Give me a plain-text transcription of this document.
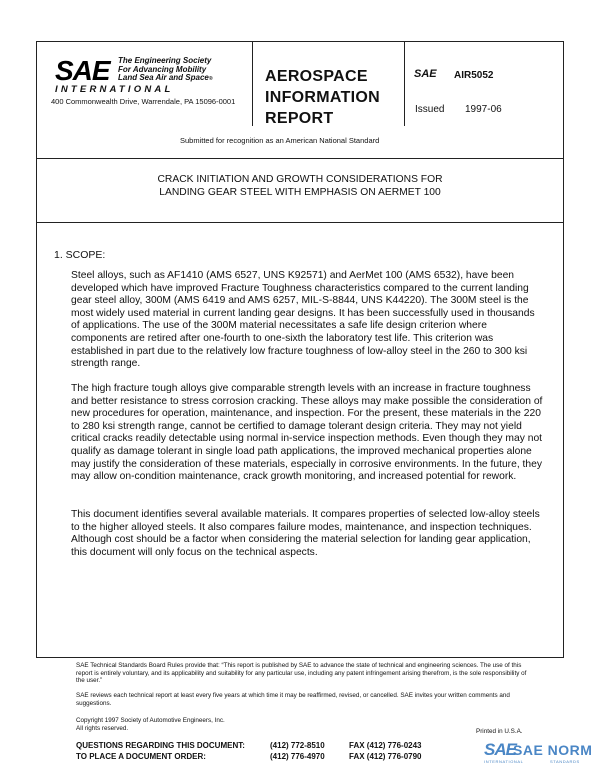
SAE The Engineering Society
For Advancing Mobility
Land Sea Air and Space®
INTERNATIONAL
400 Commonwealth Drive, Warrendale, PA 15096-0001
AEROSPACE
INFORMATION
REPORT
SAE AIR5052
Issued 1997-06
Submitted for recognition as an American National Standard
CRACK INITIATION AND GROWTH CONSIDERATIONS FOR
LANDING GEAR STEEL WITH EMPHASIS ON AERMET 100
1. SCOPE:

Steel alloys, such as AF1410 (AMS 6527, UNS K92571) and AerMet 100 (AMS 6532), have been developed which have improved Fracture Toughness characteristics compared to the current landing gear steel alloy, 300M (AMS 6419 and AMS 6257, MIL-S-8844, UNS K44220). The 300M steel is the most widely used material in current landing gear designs. It has been successfully used in thousands of applications. The use of the 300M material necessitates a safe life design criterion where components are retired after one-fourth to one-sixth the laboratory test life. This criterion was established in part due to the relatively low fracture toughness of low-alloy steel in the 260 to 300 ksi strength range.

The high fracture tough alloys give comparable strength levels with an increase in fracture toughness and better resistance to stress corrosion cracking. These alloys may make possible the consideration of new procedures for operation, maintenance, and inspection. For the present, these materials in the 220 to 280 ksi strength range, cannot be certified to damage tolerant design criteria. They may not yield critical cracks readily detectable using normal in-service inspection methods. Even though they may not qualify as damage tolerant in single load path applications, the improved mechanical properties alone may justify the consideration of these materials, especially in corrosive environments. In the future, they may allow on-condition maintenance, crack growth monitoring, and increased potential for rework.

This document identifies several available materials. It compares properties of selected low-alloy steels to the higher alloyed steels. It also compares failure modes, maintenance, and inspection techniques. Although cost should be a factor when considering the material selection for landing gear application, this document will only focus on the technical aspects.

SAE Technical Standards Board Rules provide that: “This report is published by SAE to advance the state of technical and engineering sciences. The use of this report is entirely voluntary, and its applicability and suitability for any particular use, including any patent infringement arising therefrom, is the sole responsibility of the user.”

SAE reviews each technical report at least every five years at which time it may be reaffirmed, revised, or cancelled. SAE invites your written comments and suggestions.

Copyright 1997 Society of Automotive Engineers, Inc.

All rights reserved.	Printed in U.S.A.
QUESTIONS REGARDING THIS DOCUMENT:	(412) 772-8510	FAX (412) 776-0243
TO PLACE A DOCUMENT ORDER:	(412) 776-4970	FAX (412) 776-0790	SAE
SAE NORM
INTERNATIONAL	STANDARDS
